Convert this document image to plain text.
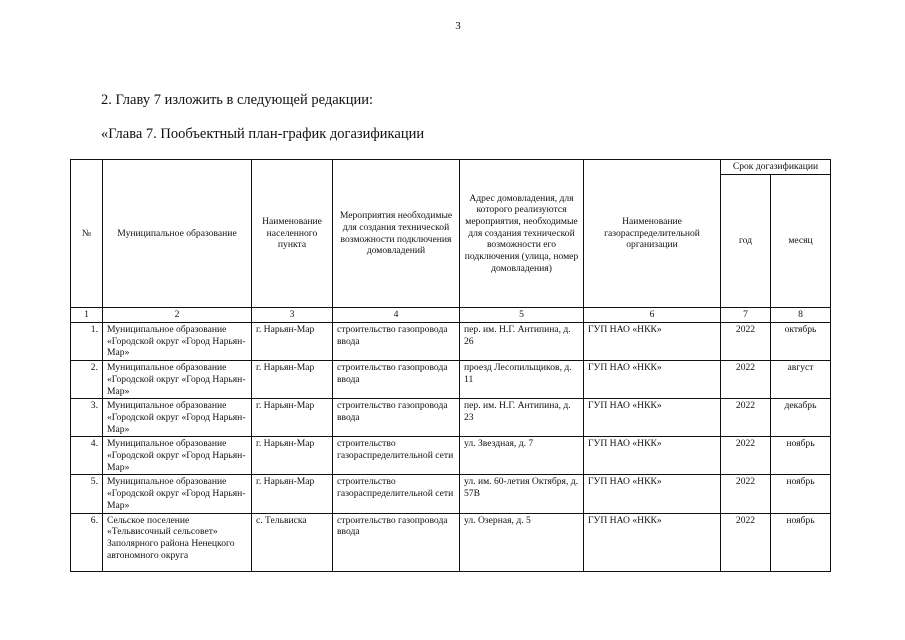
3
2. Главу 7 изложить в следующей редакции:
«Глава 7. Пообъектный план-график догазификации
№	Муниципальное образование	Наименование населенного пункта	Мероприятия необходимые для создания технической возможности подключения домовладений	Адрес домовладения, для которого реализуются мероприятия, необходимые для создания технической возможности его подключения (улица, номер домовладения)	Наименование газораспределительной организации	Срок догазификации	
						год	месяц
1	2	3	4	5	6	7	8
1.	Муниципальное образование «Городской округ «Город Нарьян-Мар»	г. Нарьян-Мар	строительство газопровода ввода	пер. им. Н.Г. Антипина, д. 26	ГУП НАО «НКК»	2022	октябрь
2.	Муниципальное образование «Городской округ «Город Нарьян-Мар»	г. Нарьян-Мар	строительство газопровода ввода	проезд Лесопильщиков, д. 11	ГУП НАО «НКК»	2022	август
3.	Муниципальное образование «Городской округ «Город Нарьян-Мар»	г. Нарьян-Мар	строительство газопровода ввода	пер. им. Н.Г. Антипина, д. 23	ГУП НАО «НКК»	2022	декабрь
4.	Муниципальное образование «Городской округ «Город Нарьян-Мар»	г. Нарьян-Мар	строительство газораспределительной сети	ул. Звездная, д. 7	ГУП НАО «НКК»	2022	ноябрь
5.	Муниципальное образование «Городской округ «Город Нарьян-Мар»	г. Нарьян-Мар	строительство газораспределительной сети	ул. им. 60-летия Октября, д. 57В	ГУП НАО «НКК»	2022	ноябрь
6.	Сельское поселение «Тельвисочный сельсовет» Заполярного района Ненецкого автономного округа	с. Тельвиска	строительство газопровода ввода	ул. Озерная, д. 5	ГУП НАО «НКК»	2022	ноябрь
